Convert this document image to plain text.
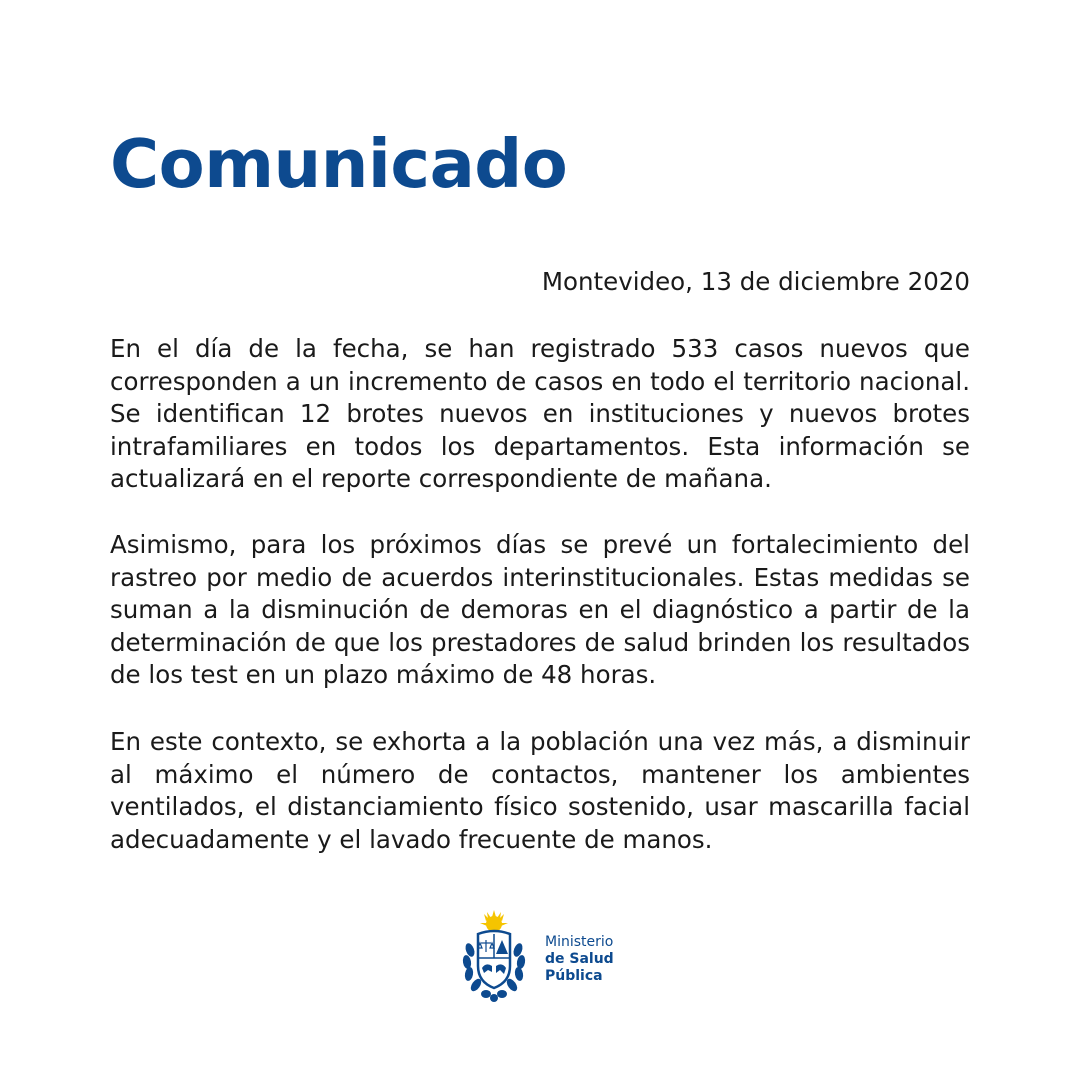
Comunicado
Montevideo, 13 de diciembre 2020

En el día de la fecha, se han registrado 533 casos nuevos que corresponden a un incremento de casos en todo el territorio nacional. Se identifican 12 brotes nuevos en instituciones y nuevos brotes intrafamiliares en todos los departamentos. Esta información se actualizará en el reporte correspondiente de mañana.

Asimismo, para los próximos días se prevé un fortalecimiento del rastreo por medio de acuerdos interinstitucionales. Estas medidas se suman a la disminución de demoras en el diagnóstico a partir de la determinación de que los prestadores de salud brinden los resultados de los test en un plazo máximo de 48 horas.

En este contexto, se exhorta a la población una vez más, a disminuir al máximo el número de contactos, mantener los ambientes ventilados, el distanciamiento físico sostenido, usar mascarilla facial adecuadamente y el lavado frecuente de manos.

Ministerio
de Salud
Pública
